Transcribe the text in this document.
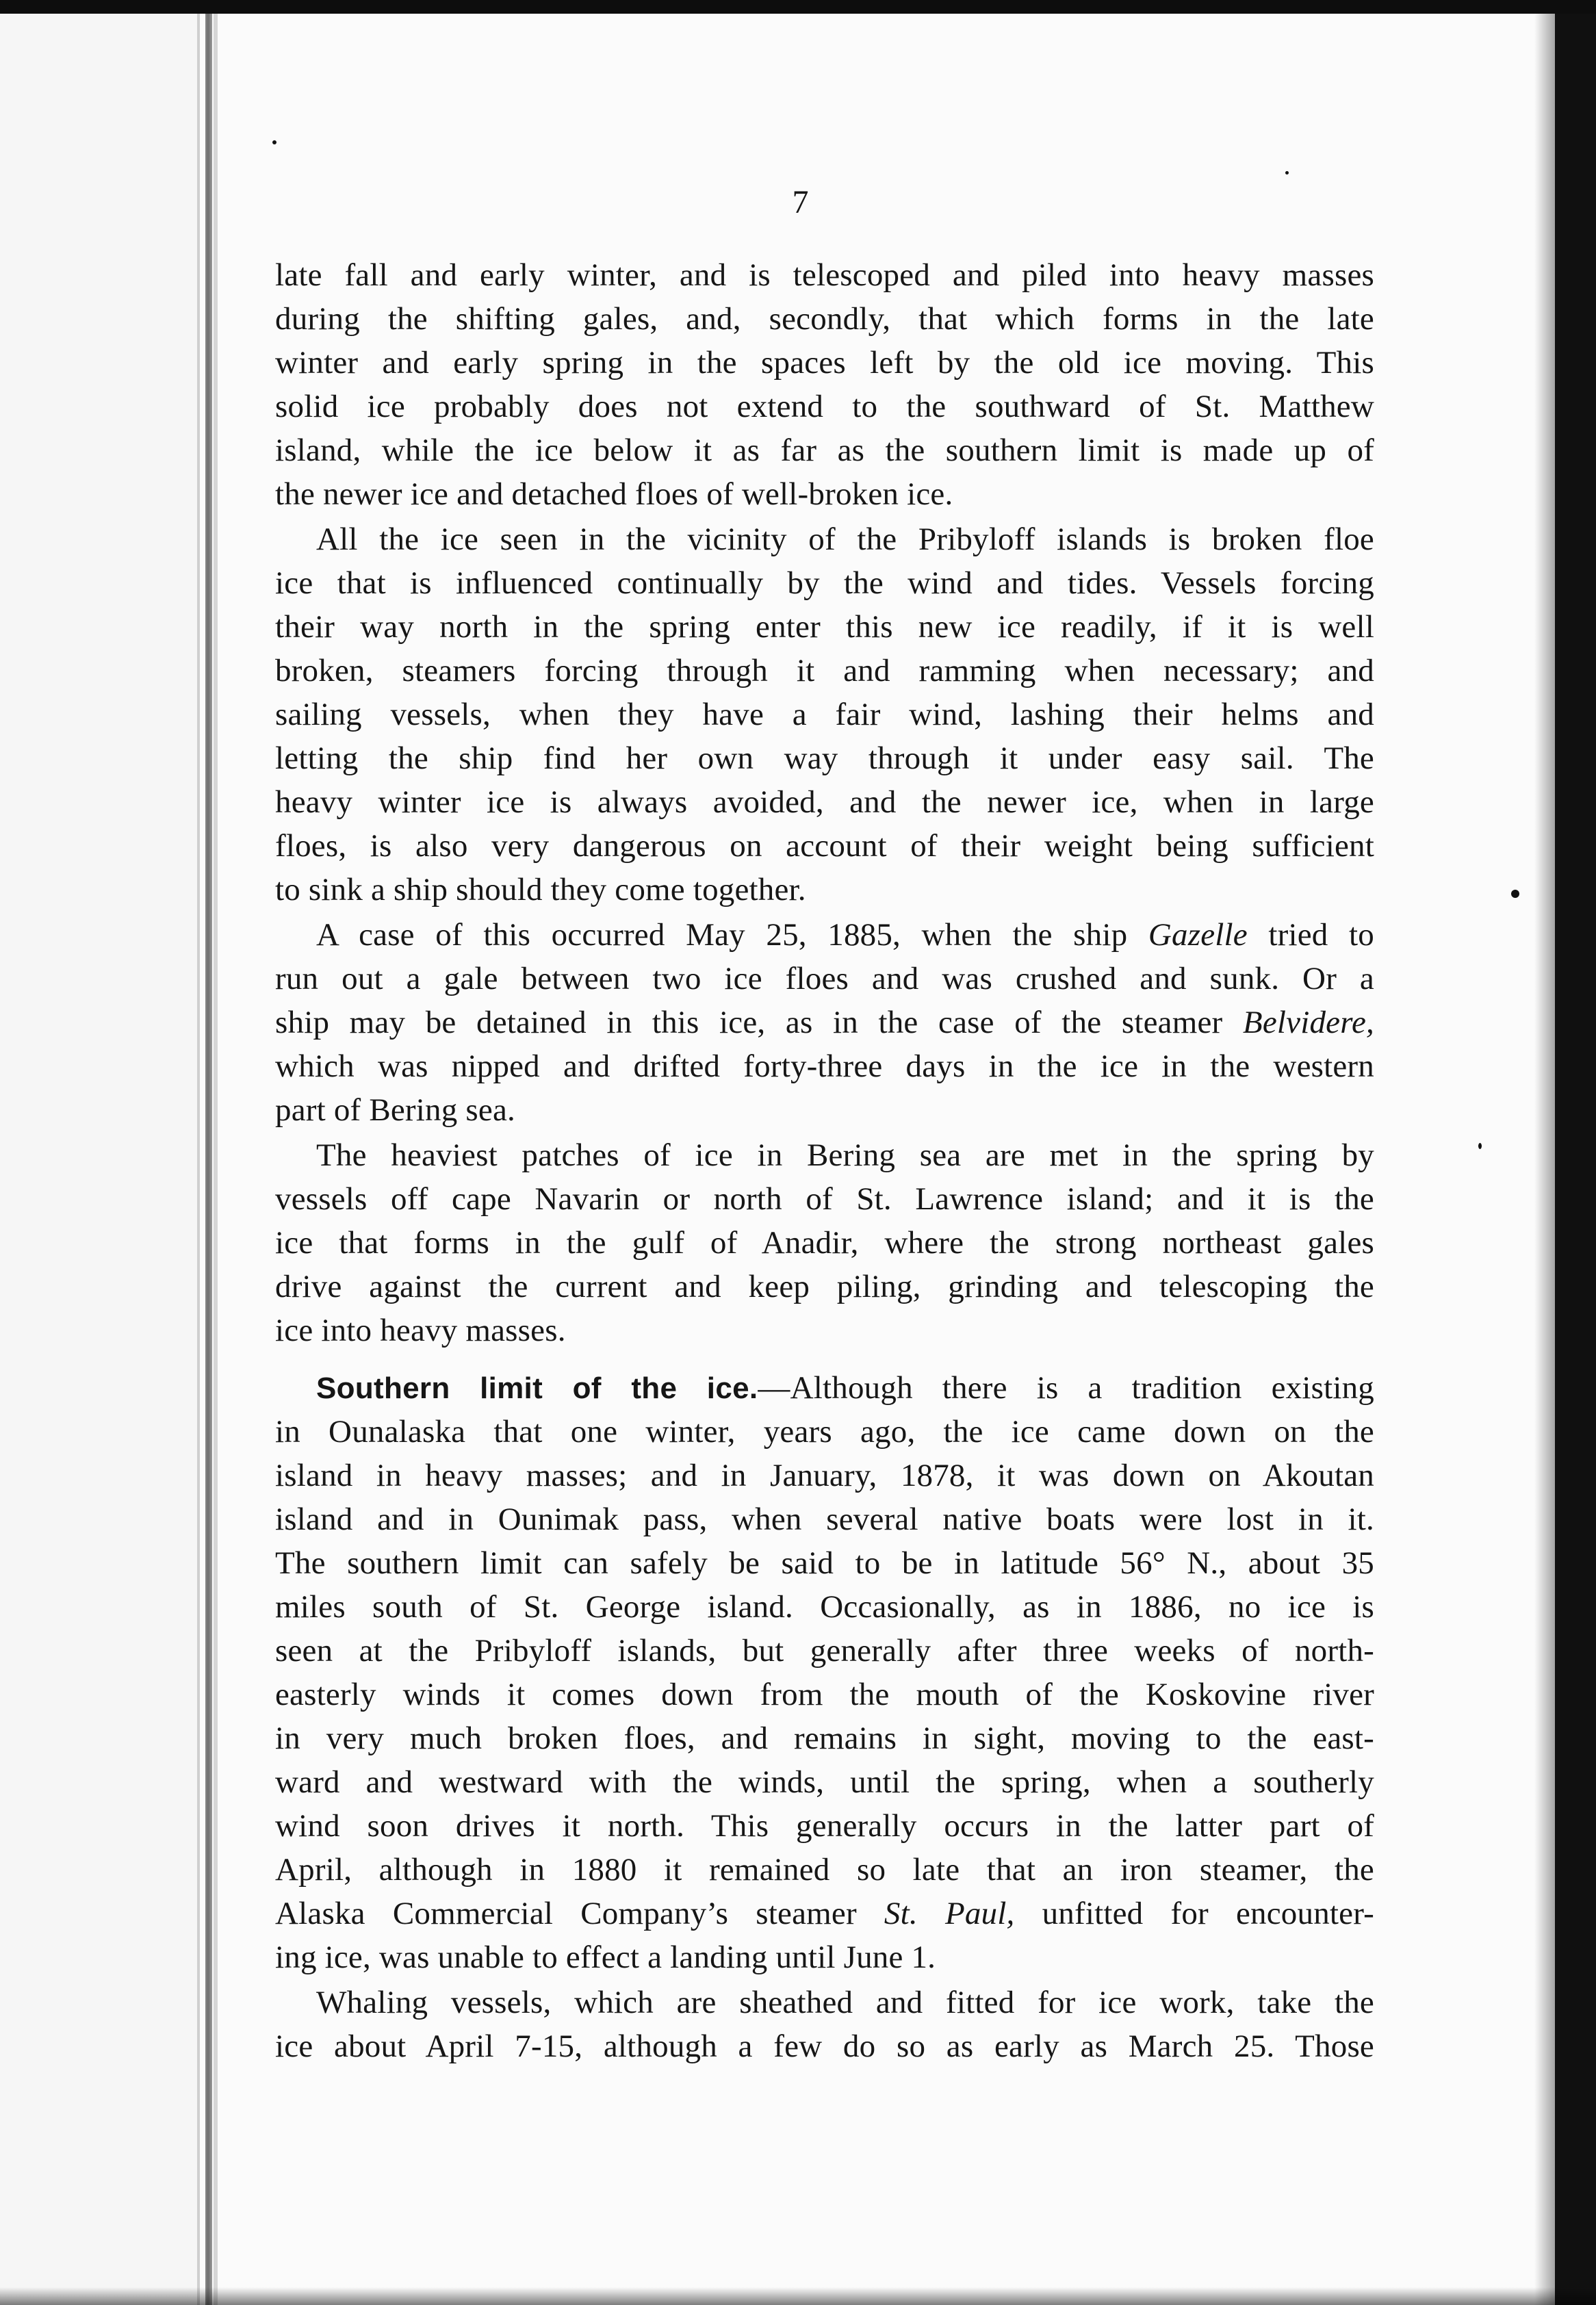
7
late fall and early winter, and is telescoped and piled into heavy masses
during the shifting gales, and, secondly, that which forms in the late
winter and early spring in the spaces left by the old ice moving. This
solid ice probably does not extend to the southward of St. Matthew
island, while the ice below it as far as the southern limit is made up of
the newer ice and detached floes of well-broken ice.
All the ice seen in the vicinity of the Pribyloff islands is broken floe
ice that is influenced continually by the wind and tides. Vessels forcing
their way north in the spring enter this new ice readily, if it is well
broken, steamers forcing through it and ramming when necessary; and
sailing vessels, when they have a fair wind, lashing their helms and
letting the ship find her own way through it under easy sail. The
heavy winter ice is always avoided, and the newer ice, when in large
floes, is also very dangerous on account of their weight being sufficient
to sink a ship should they come together.
A case of this occurred May 25, 1885, when the ship Gazelle tried to
run out a gale between two ice floes and was crushed and sunk. Or a
ship may be detained in this ice, as in the case of the steamer Belvidere,
which was nipped and drifted forty-three days in the ice in the western
part of Bering sea.
The heaviest patches of ice in Bering sea are met in the spring by
vessels off cape Navarin or north of St. Lawrence island; and it is the
ice that forms in the gulf of Anadir, where the strong northeast gales
drive against the current and keep piling, grinding and telescoping the
ice into heavy masses.
Southern limit of the ice.—Although there is a tradition existing
in Ounalaska that one winter, years ago, the ice came down on the
island in heavy masses; and in January, 1878, it was down on Akoutan
island and in Ounimak pass, when several native boats were lost in it.
The southern limit can safely be said to be in latitude 56° N., about 35
miles south of St. George island. Occasionally, as in 1886, no ice is
seen at the Pribyloff islands, but generally after three weeks of north-
easterly winds it comes down from the mouth of the Koskovine river
in very much broken floes, and remains in sight, moving to the east-
ward and westward with the winds, until the spring, when a southerly
wind soon drives it north. This generally occurs in the latter part of
April, although in 1880 it remained so late that an iron steamer, the
Alaska Commercial Company’s steamer St. Paul, unfitted for encounter-
ing ice, was unable to effect a landing until June 1.
Whaling vessels, which are sheathed and fitted for ice work, take the
ice about April 7-15, although a few do so as early as March 25. Those
